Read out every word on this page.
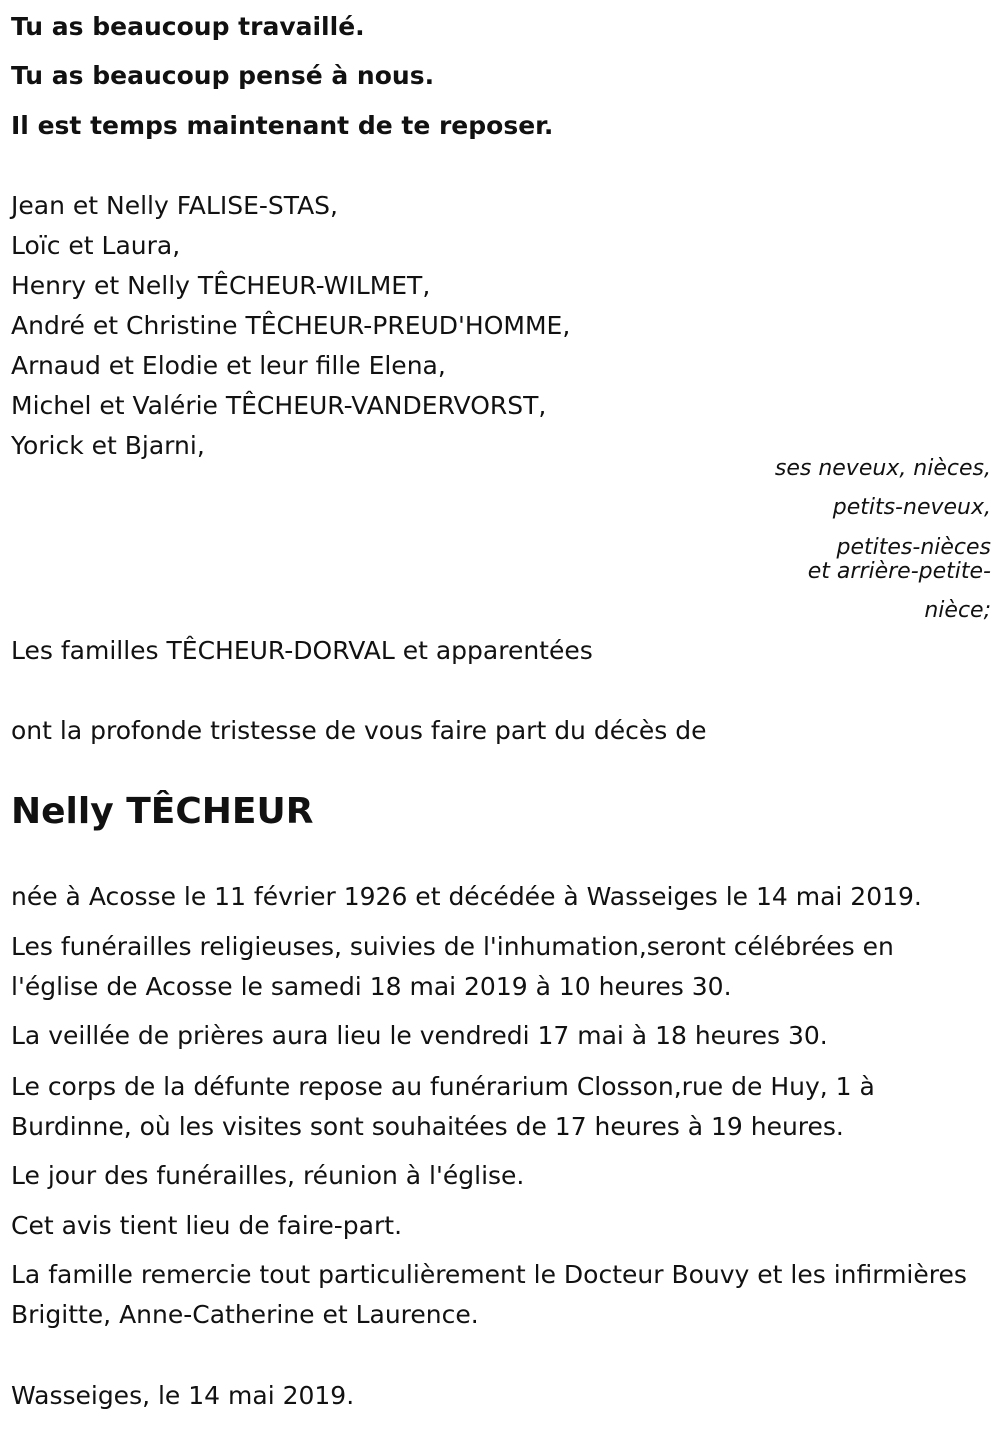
Tu as beaucoup travaillé.

Tu as beaucoup pensé à nous.

Il est temps maintenant de te reposer.

Jean et Nelly FALISE-STAS,
Loïc et Laura,
Henry et Nelly TÊCHEUR-WILMET,
André et Christine TÊCHEUR-PREUD'HOMME,
Arnaud et Elodie et leur fille Elena,
Michel et Valérie TÊCHEUR-VANDERVORST,
Yorick et Bjarni,
ses neveux, nièces,
petits-neveux,
petites-nièces
et arrière-petite-
nièce;
Les familles TÊCHEUR-DORVAL et apparentées
ont la profonde tristesse de vous faire part du décès de
Nelly TÊCHEUR
née à Acosse le 11 février 1926 et décédée à Wasseiges le 14 mai 2019.
Les funérailles religieuses, suivies de l'inhumation,seront célébrées en l'église de Acosse le samedi 18 mai 2019 à 10 heures 30.
La veillée de prières aura lieu le vendredi 17 mai à 18 heures 30.
Le corps de la défunte repose au funérarium Closson,rue de Huy, 1 à Burdinne, où les visites sont souhaitées de 17 heures à 19 heures.
Le jour des funérailles, réunion à l'église.
Cet avis tient lieu de faire-part.
La famille remercie tout particulièrement le Docteur Bouvy et les infirmières Brigitte, Anne-Catherine et Laurence.
Wasseiges, le 14 mai 2019.
